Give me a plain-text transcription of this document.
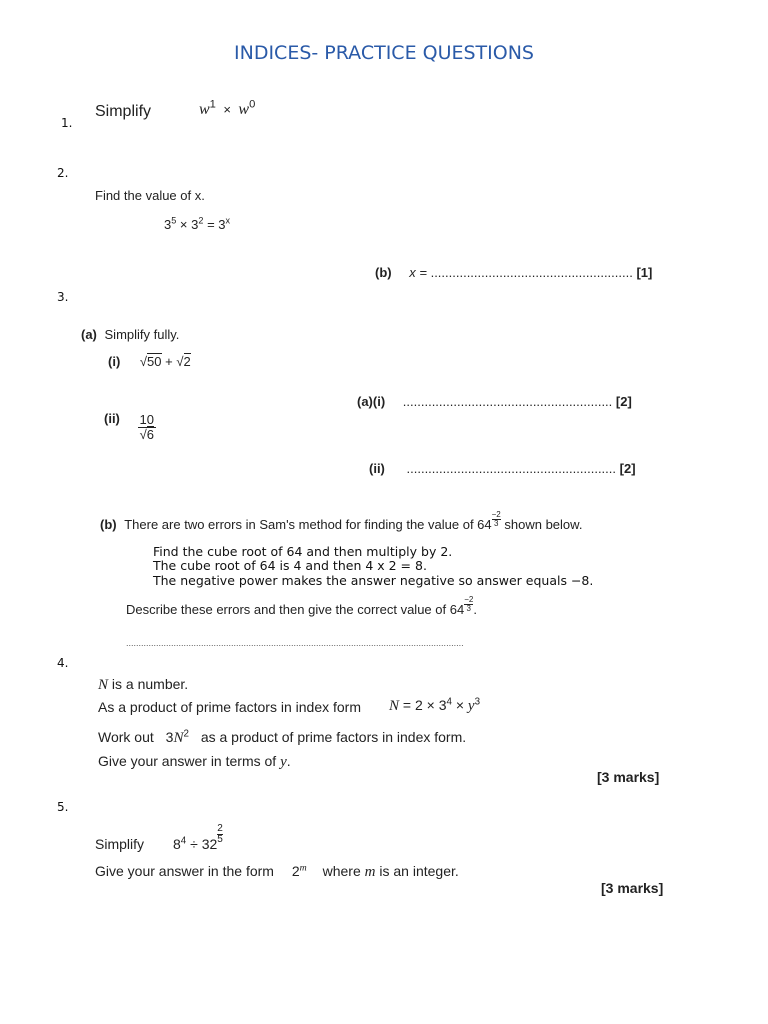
INDICES- PRACTICE QUESTIONS
1.
Simplify	$w^1 \times w^0$
2.
Find the value of x.
$3^5 \times 3^2 = 3^x$
(b) x = ........................................................ [1]
3.
(a) Simplify fully.
(i) √50 + √2
(a)(i) .......................................................... [2]
$(ii) \frac{10}{√6}$
(ii) .......................................................... [2]
(b) There are two errors in Sam's method for finding the value of $64 \frac{-2}{3}$ shown below.
Find the cube root of 64 and then multiply by 2.
The cube root of 64 is 4 and then 4 x 2 = 8.
The negative power makes the answer negative so answer equals −8.
Describe these errors and then give the correct value of $64 \frac{-2}{3}$ .
.......................................................................................................................................
4.
N is a number.
As a product of prime factors in index form $N = 2 \times 3^4 \times y^3$
Work out $3N^2$ as a product of prime factors in index form.
Give your answer in terms of y.
[3 marks]
5.
Simplify $8^4 \div 32 \frac{2}{5}$
Give your answer in the form 2$^m$ where m is an integer.
[3 marks]
